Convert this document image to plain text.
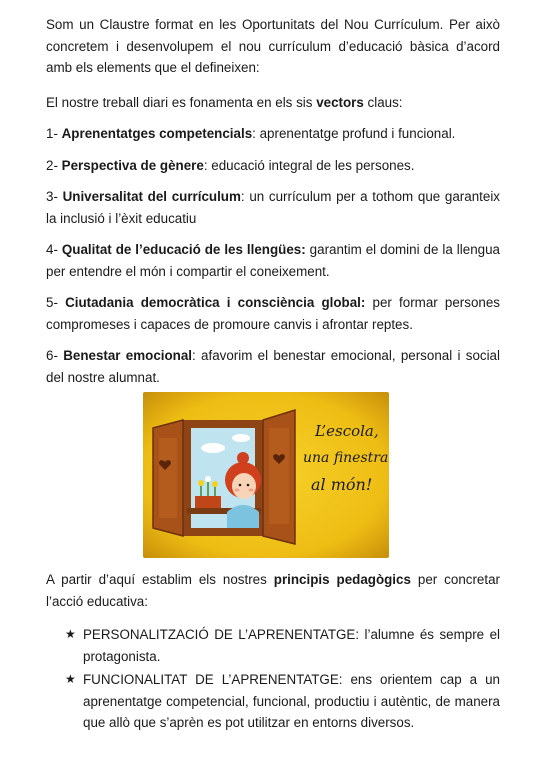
Som un Claustre format en les Oportunitats del Nou Currículum. Per això concretem i desenvolupem el nou currículum d’educació bàsica d’acord amb els elements que el defineixen:

El nostre treball diari es fonamenta en els sis vectors claus:

1- Aprenentatges competencials: aprenentatge profund i funcional.

2- Perspectiva de gènere: educació integral de les persones.

3- Universalitat del currículum: un currículum per a tothom que garanteix la inclusió i l’èxit educatiu

4- Qualitat de l’educació de les llengües: garantim el domini de la llengua per entendre el món i compartir el coneixement.

5- Ciutadania democràtica i consciència global: per formar persones compromeses i capaces de promoure canvis i afrontar reptes.

6- Benestar emocional: afavorim el benestar emocional, personal i social del nostre alumnat.

L’escola,
una finestra
al món!

A partir d’aquí establim els nostres principis pedagògics per concretar l’acció educativa:

★ PERSONALITZACIÓ DE L’APRENENTATGE: l’alumne és sempre el protagonista.
★ FUNCIONALITAT DE L’APRENENTATGE: ens orientem cap a un aprenentatge competencial, funcional, productiu i autèntic, de manera que allò que s’aprèn es pot utilitzar en entorns diversos.
